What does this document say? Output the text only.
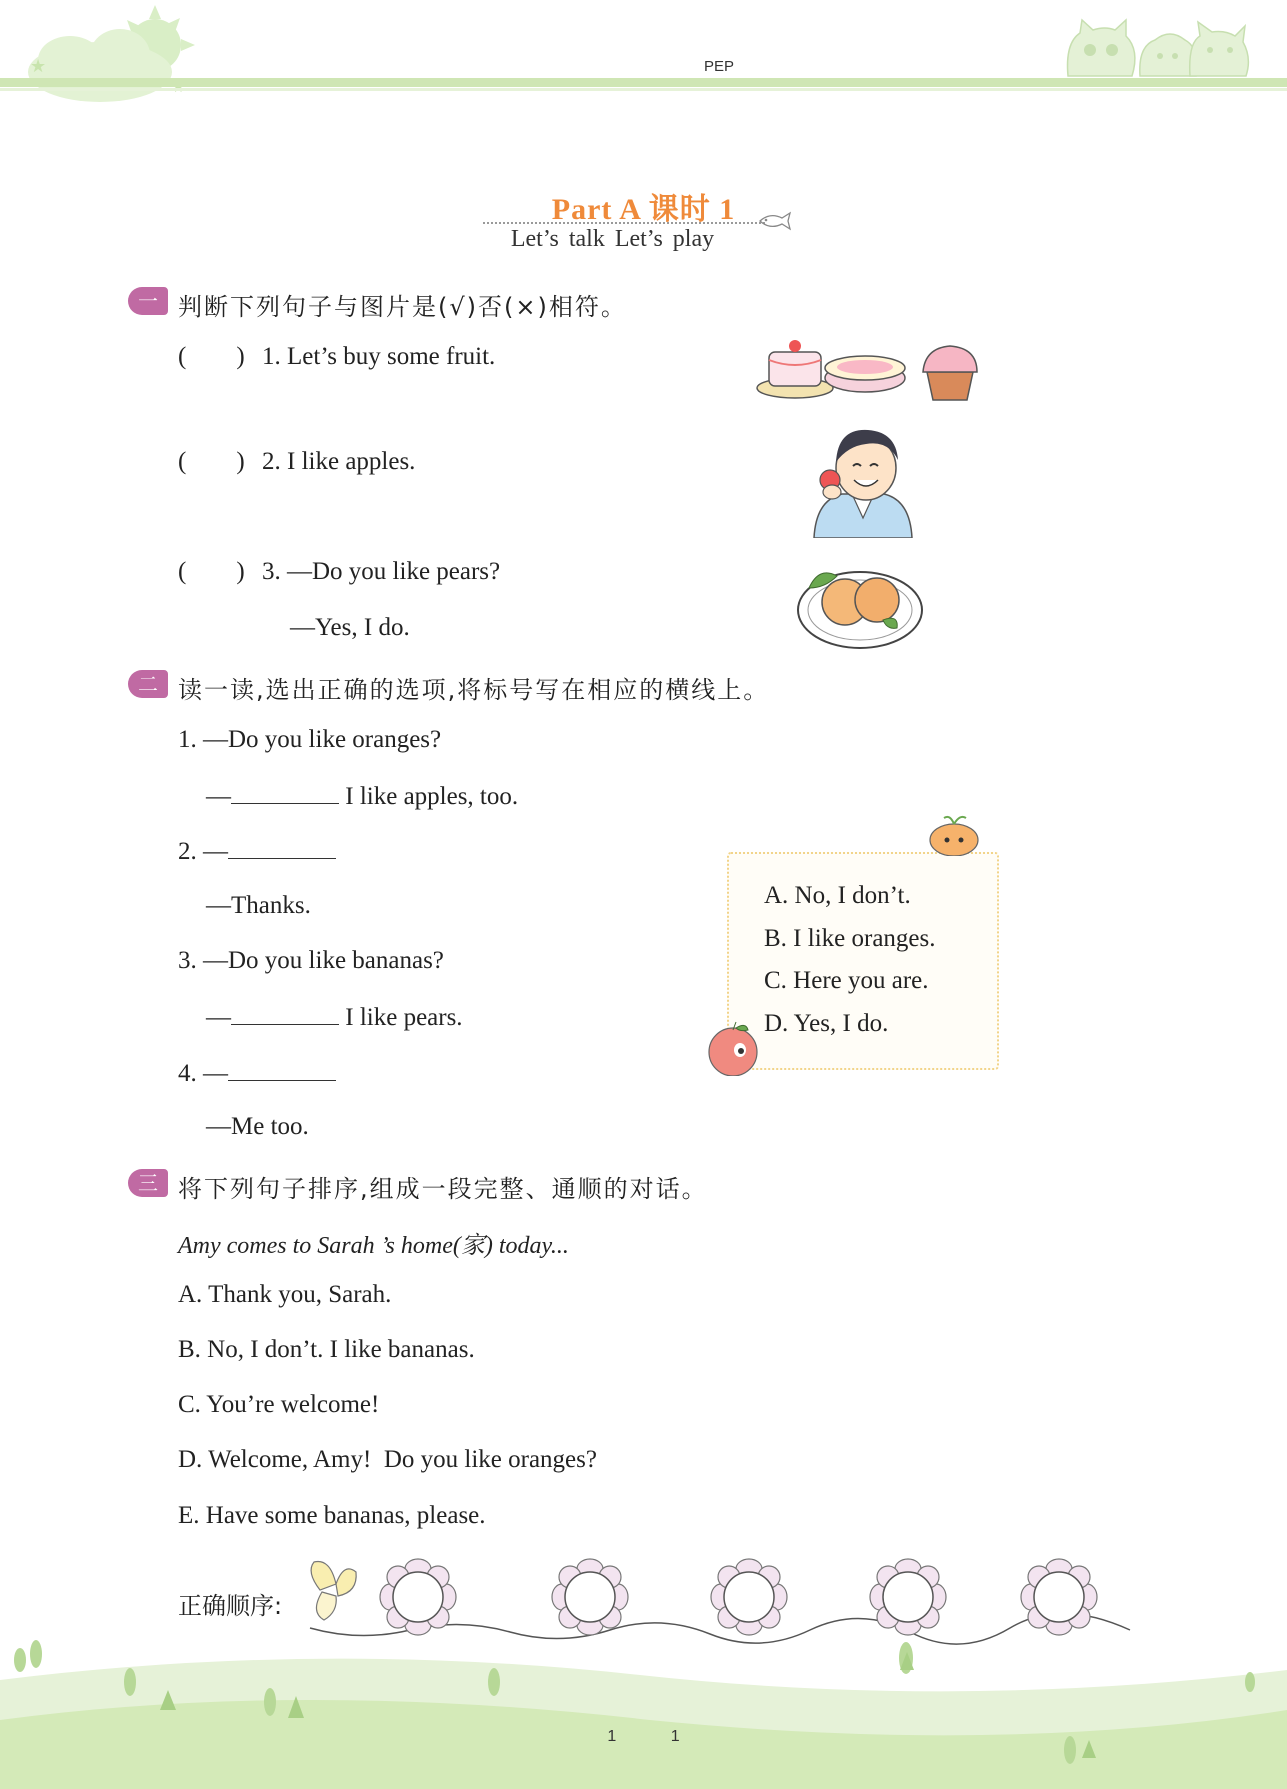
★	PEP
Part A 课时 1
Let’s talk Let’s play
一 判断下列句子与图片是(√)否(×)相符。
(        ) 1. Let’s buy some fruit.
(        ) 2. I like apples.
(        ) 3. —Do you like pears?
—Yes, I do.
二 读一读,选出正确的选项,将标号写在相应的横线上。
1. —Do you like oranges?
—	I like apples, too.
2. —
—Thanks.
3. —Do you like bananas?
—	I like pears.
4. —
—Me too.
A. No, I don’t.
B. I like oranges.
C. Here you are.
D. Yes, I do.
三 将下列句子排序,组成一段完整、通顺的对话。
Amy comes to Sarah ’s home(家) today...
A. Thank you, Sarah.
B. No, I don’t. I like bananas.
C. You’re welcome!
D. Welcome, Amy!  Do you like oranges?
E. Have some bananas, please.
正确顺序:
1 1
